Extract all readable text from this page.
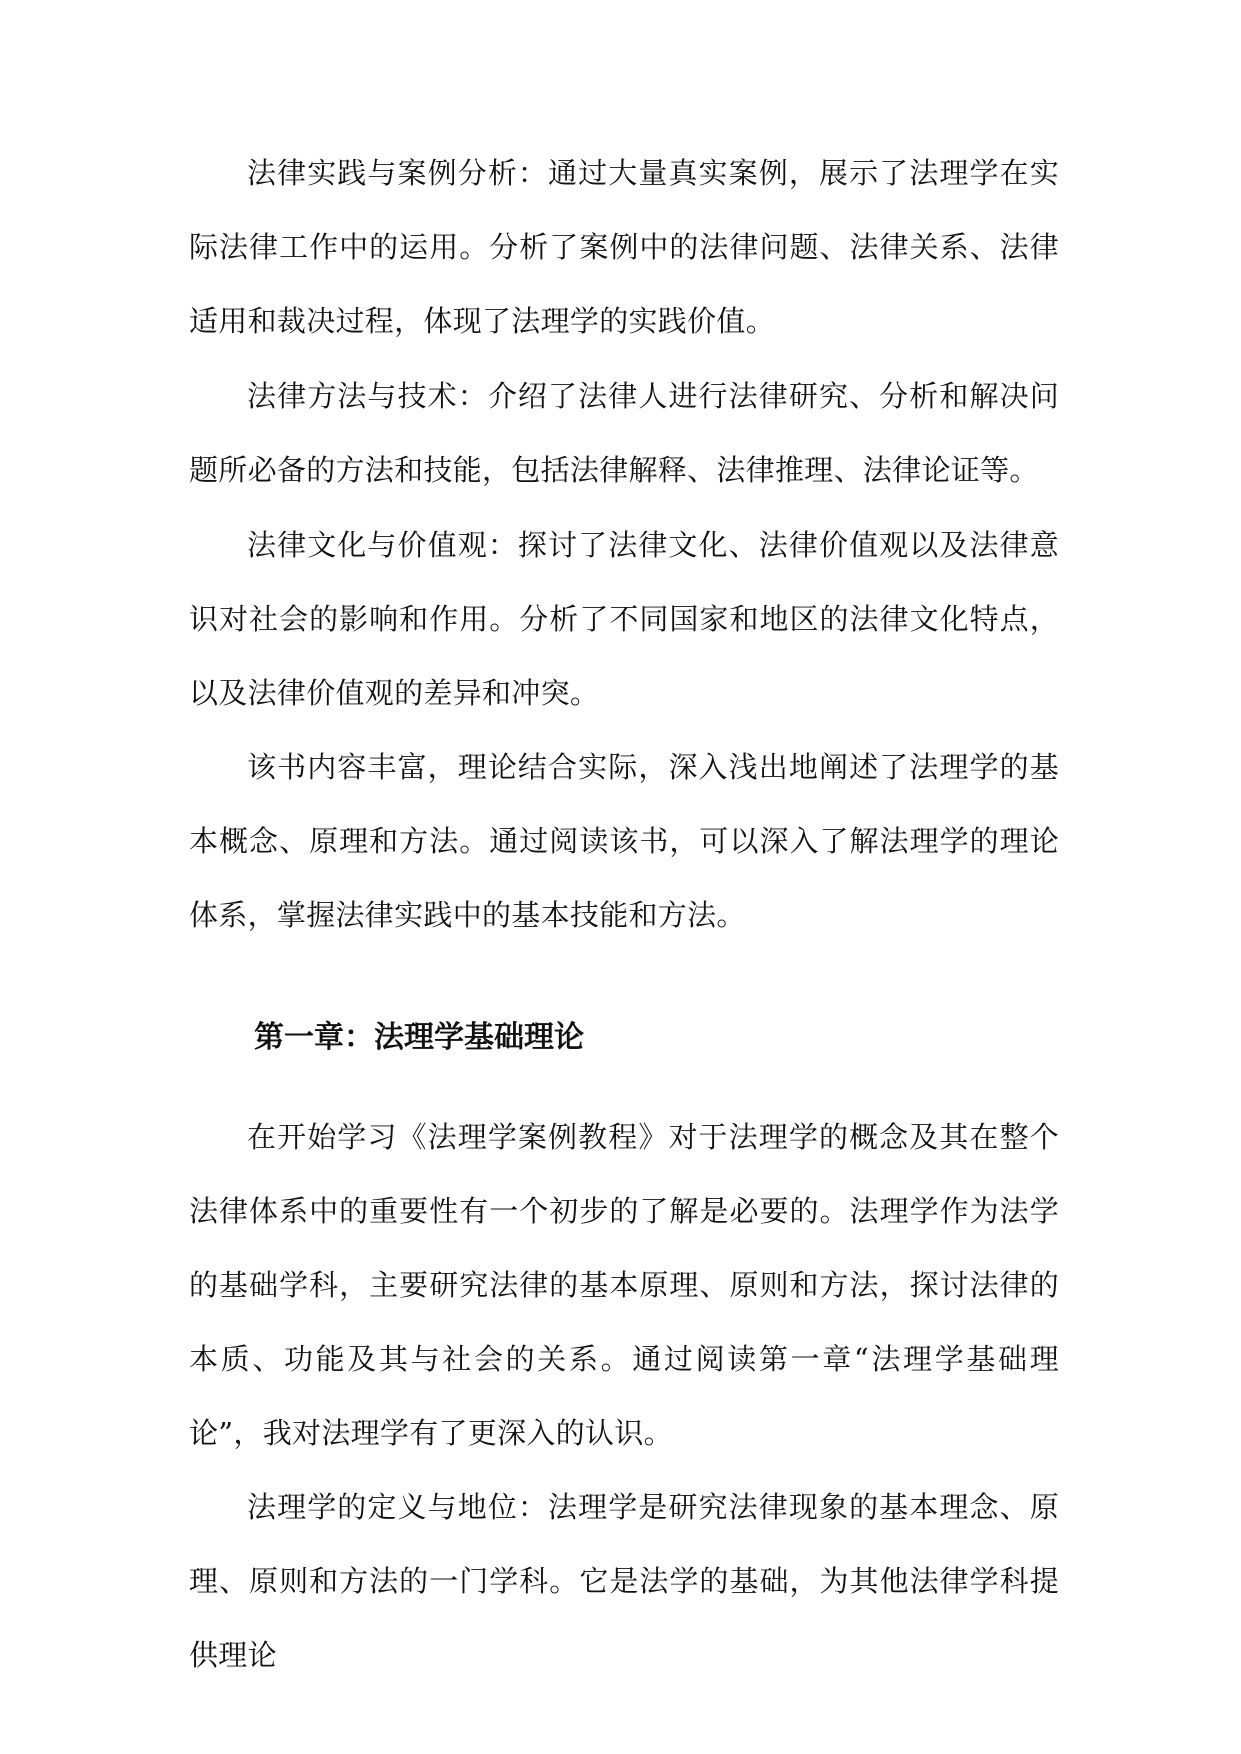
法律实践与案例分析：通过大量真实案例，展示了法理学在实际法律工作中的运用。分析了案例中的法律问题、法律关系、法律适用和裁决过程，体现了法理学的实践价值。

法律方法与技术：介绍了法律人进行法律研究、分析和解决问题所必备的方法和技能，包括法律解释、法律推理、法律论证等。

法律文化与价值观：探讨了法律文化、法律价值观以及法律意识对社会的影响和作用。分析了不同国家和地区的法律文化特点，以及法律价值观的差异和冲突。

该书内容丰富，理论结合实际，深入浅出地阐述了法理学的基本概念、原理和方法。通过阅读该书，可以深入了解法理学的理论体系，掌握法律实践中的基本技能和方法。

第一章：法理学基础理论

在开始学习《法理学案例教程》对于法理学的概念及其在整个法律体系中的重要性有一个初步的了解是必要的。法理学作为法学的基础学科，主要研究法律的基本原理、原则和方法，探讨法律的本质、功能及其与社会的关系。通过阅读第一章“法理学基础理论”，我对法理学有了更深入的认识。

法理学的定义与地位：法理学是研究法律现象的基本理念、原理、原则和方法的一门学科。它是法学的基础，为其他法律学科提供理论
